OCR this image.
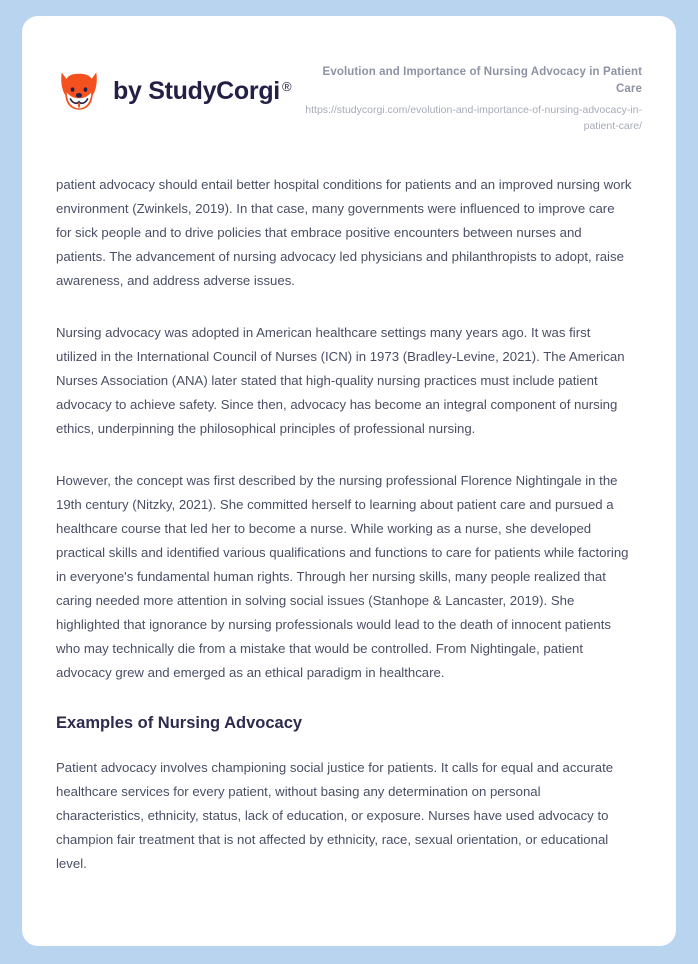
by StudyCorgi ®
Evolution and Importance of Nursing Advocacy in Patient Care
https://studycorgi.com/evolution-and-importance-of-nursing-advocacy-in-patient-care/

patient advocacy should entail better hospital conditions for patients and an improved nursing work environment (Zwinkels, 2019). In that case, many governments were influenced to improve care for sick people and to drive policies that embrace positive encounters between nurses and patients. The advancement of nursing advocacy led physicians and philanthropists to adopt, raise awareness, and address adverse issues.

Nursing advocacy was adopted in American healthcare settings many years ago. It was first utilized in the International Council of Nurses (ICN) in 1973 (Bradley-Levine, 2021). The American Nurses Association (ANA) later stated that high-quality nursing practices must include patient advocacy to achieve safety. Since then, advocacy has become an integral component of nursing ethics, underpinning the philosophical principles of professional nursing.

However, the concept was first described by the nursing professional Florence Nightingale in the 19th century (Nitzky, 2021). She committed herself to learning about patient care and pursued a healthcare course that led her to become a nurse. While working as a nurse, she developed practical skills and identified various qualifications and functions to care for patients while factoring in everyone's fundamental human rights. Through her nursing skills, many people realized that caring needed more attention in solving social issues (Stanhope & Lancaster, 2019). She highlighted that ignorance by nursing professionals would lead to the death of innocent patients who may technically die from a mistake that would be controlled. From Nightingale, patient advocacy grew and emerged as an ethical paradigm in healthcare.

Examples of Nursing Advocacy

Patient advocacy involves championing social justice for patients. It calls for equal and accurate healthcare services for every patient, without basing any determination on personal characteristics, ethnicity, status, lack of education, or exposure. Nurses have used advocacy to champion fair treatment that is not affected by ethnicity, race, sexual orientation, or educational level.
